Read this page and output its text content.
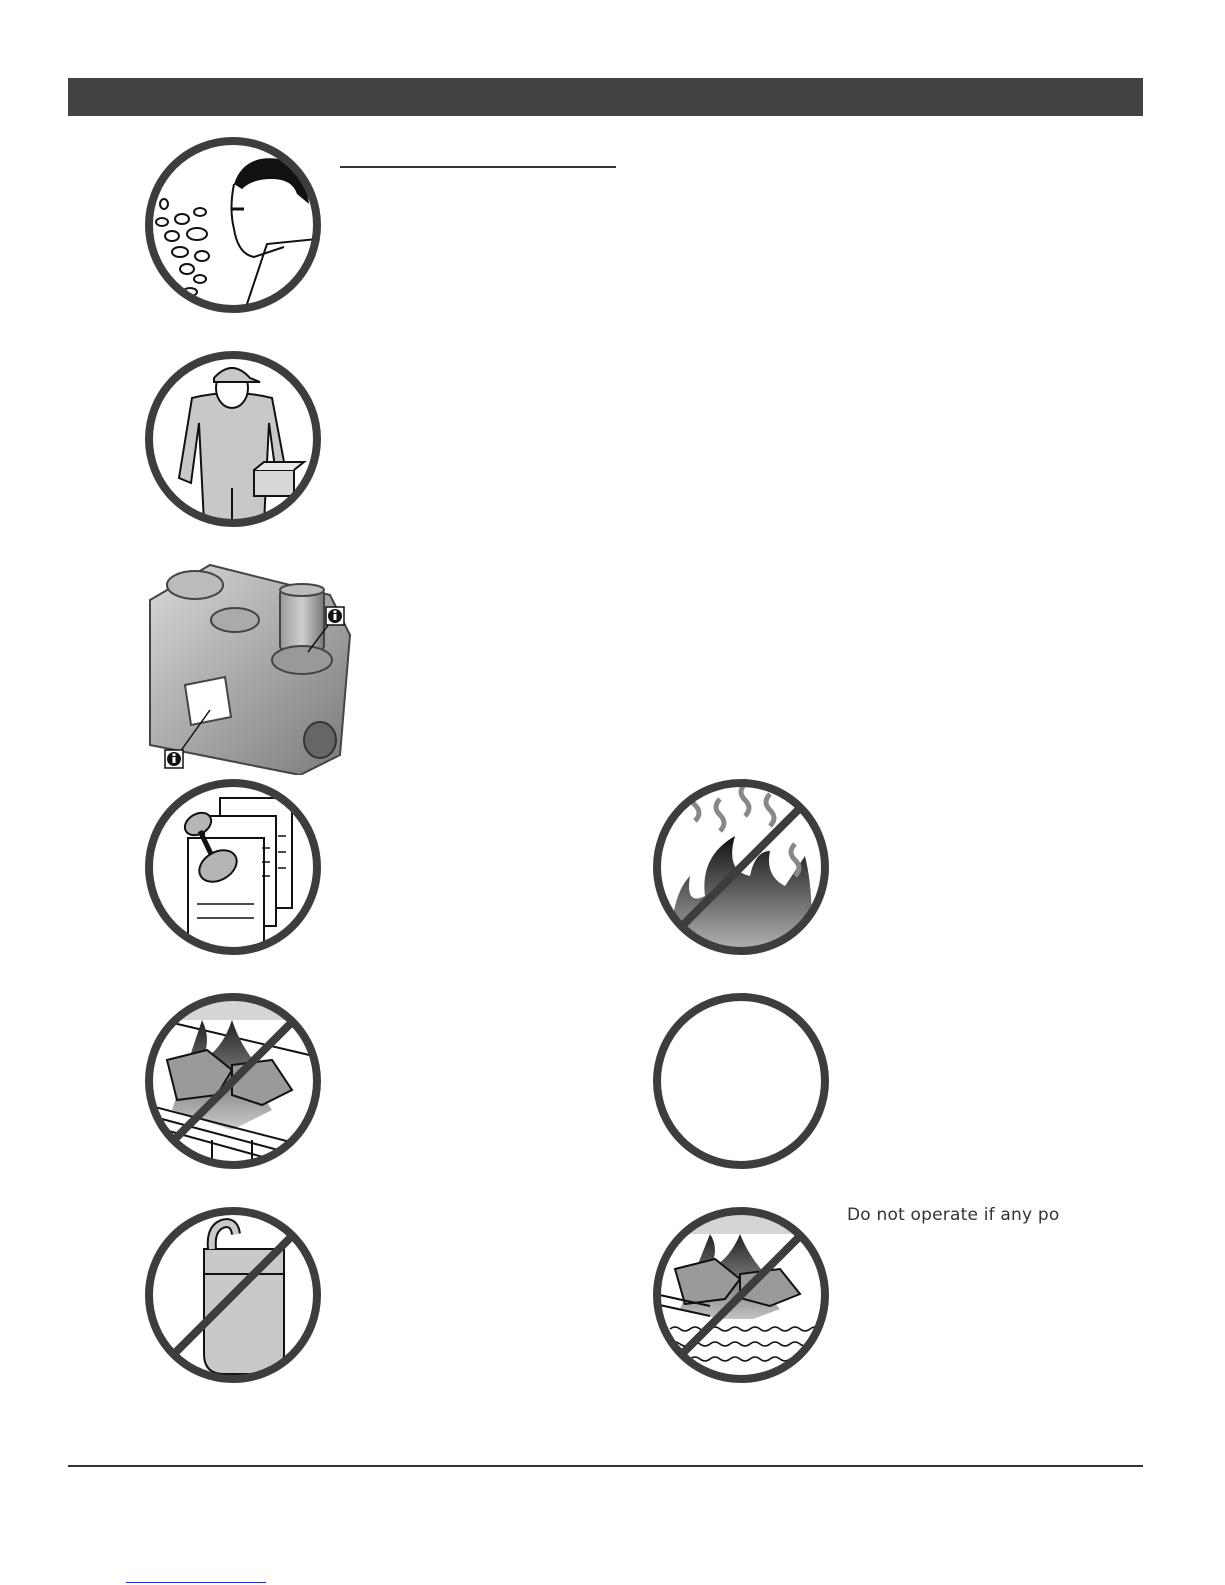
Do not operate if any po
